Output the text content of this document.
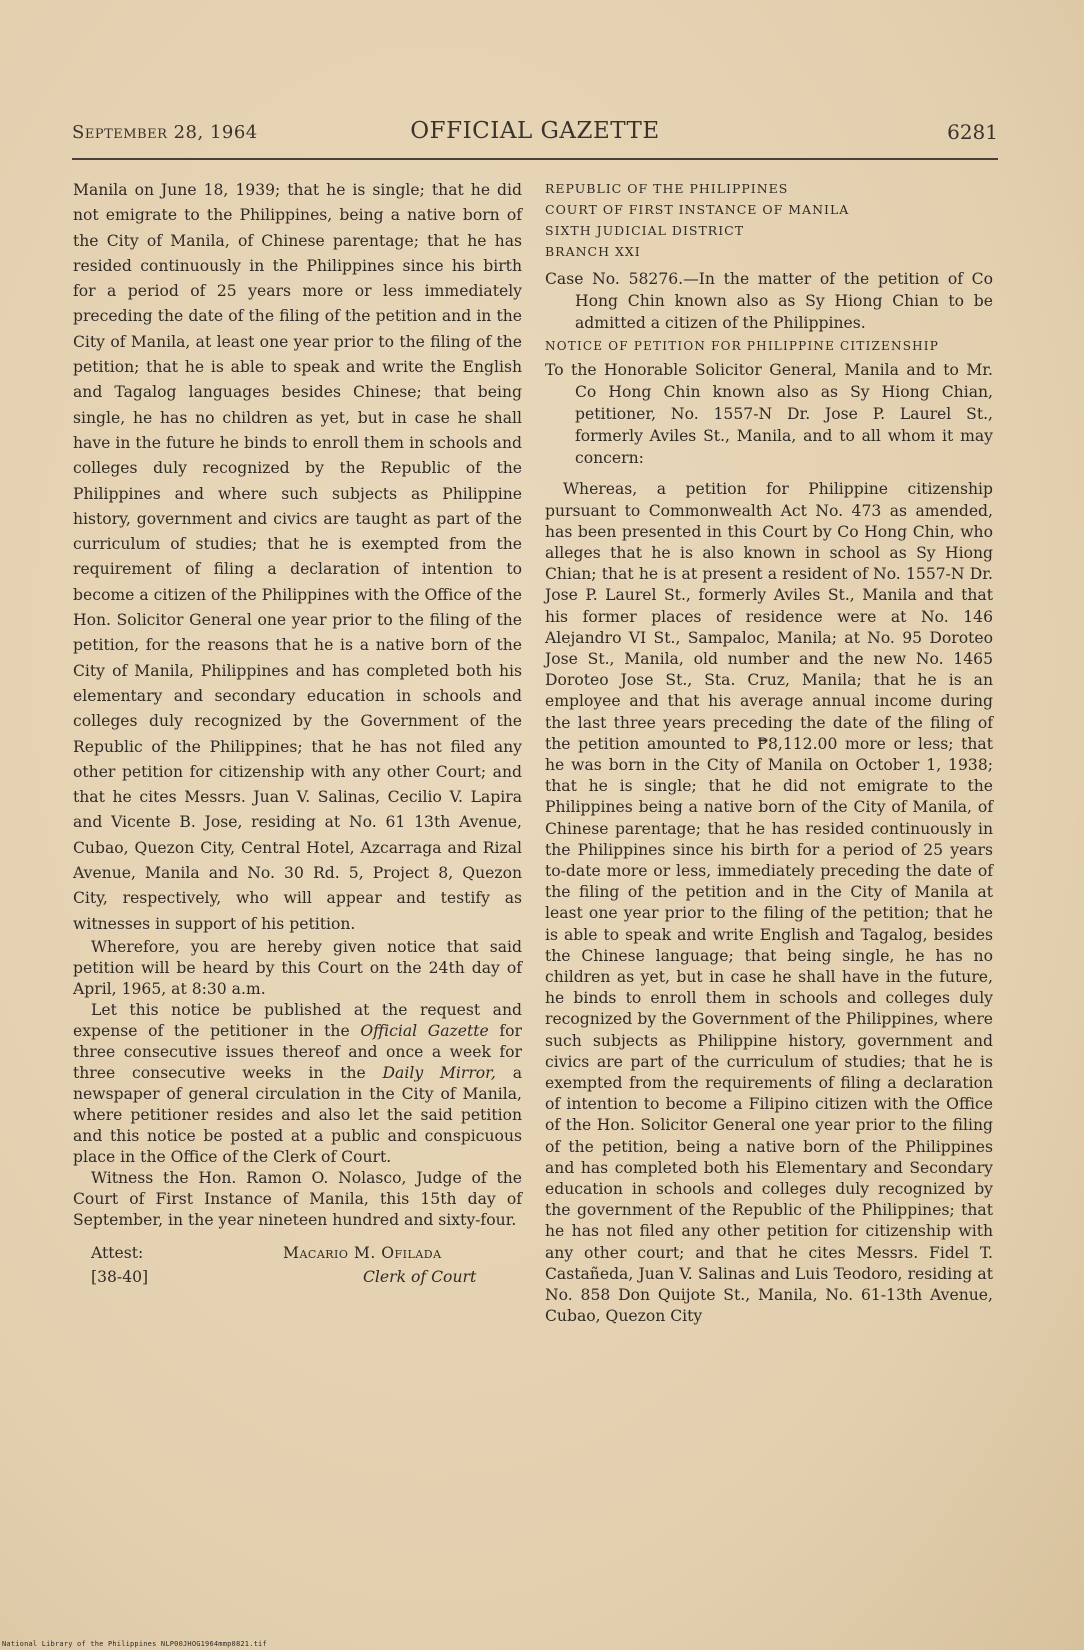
September 28, 1964	OFFICIAL GAZETTE	6281

Manila on June 18, 1939; that he is single; that he did not emigrate to the Philippines, being a native born of the City of Manila, of Chinese parentage; that he has resided continuously in the Philippines since his birth for a period of 25 years more or less immediately preceding the date of the filing of the petition and in the City of Manila, at least one year prior to the filing of the petition; that he is able to speak and write the English and Tagalog languages besides Chinese; that being single, he has no children as yet, but in case he shall have in the future he binds to enroll them in schools and colleges duly recognized by the Republic of the Philippines and where such subjects as Philippine history, government and civics are taught as part of the curriculum of studies; that he is exempted from the requirement of filing a declaration of intention to become a citizen of the Philippines with the Office of the Hon. Solicitor General one year prior to the filing of the petition, for the reasons that he is a native born of the City of Manila, Philippines and has completed both his elementary and secondary education in schools and colleges duly recognized by the Government of the Republic of the Philippines; that he has not filed any other petition for citizenship with any other Court; and that he cites Messrs. Juan V. Salinas, Cecilio V. Lapira and Vicente B. Jose, residing at No. 61 13th Avenue, Cubao, Quezon City, Central Hotel, Azcarraga and Rizal Avenue, Manila and No. 30 Rd. 5, Project 8, Quezon City, respectively, who will appear and testify as witnesses in support of his petition.

Wherefore, you are hereby given notice that said petition will be heard by this Court on the 24th day of April, 1965, at 8:30 a.m.

Let this notice be published at the request and expense of the petitioner in the Official Gazette for three consecutive issues thereof and once a week for three consecutive weeks in the Daily Mirror, a newspaper of general circulation in the City of Manila, where petitioner resides and also let the said petition and this notice be posted at a public and conspicuous place in the Office of the Clerk of Court.

Witness the Hon. Ramon O. Nolasco, Judge of the Court of First Instance of Manila, this 15th day of September, in the year nineteen hundred and sixty-four.

Attest:
[38-40]
Macario M. Ofilada
Clerk of Court

REPUBLIC OF THE PHILIPPINES

COURT OF FIRST INSTANCE OF MANILA

SIXTH JUDICIAL DISTRICT

BRANCH XXI

Case No. 58276.—In the matter of the petition of Co Hong Chin known also as Sy Hiong Chian to be admitted a citizen of the Philippines.

NOTICE OF PETITION FOR PHILIPPINE CITIZENSHIP

To the Honorable Solicitor General, Manila and to Mr. Co Hong Chin known also as Sy Hiong Chian, petitioner, No. 1557-N Dr. Jose P. Laurel St., formerly Aviles St., Manila, and to all whom it may concern:

Whereas, a petition for Philippine citizenship pursuant to Commonwealth Act No. 473 as amended, has been presented in this Court by Co Hong Chin, who alleges that he is also known in school as Sy Hiong Chian; that he is at present a resident of No. 1557-N Dr. Jose P. Laurel St., formerly Aviles St., Manila and that his former places of residence were at No. 146 Alejandro VI St., Sampaloc, Manila; at No. 95 Doroteo Jose St., Manila, old number and the new No. 1465 Doroteo Jose St., Sta. Cruz, Manila; that he is an employee and that his average annual income during the last three years preceding the date of the filing of the petition amounted to ₱8,112.00 more or less; that he was born in the City of Manila on October 1, 1938; that he is single; that he did not emigrate to the Philippines being a native born of the City of Manila, of Chinese parentage; that he has resided continuously in the Philippines since his birth for a period of 25 years to-date more or less, immediately preceding the date of the filing of the petition and in the City of Manila at least one year prior to the filing of the petition; that he is able to speak and write English and Tagalog, besides the Chinese language; that being single, he has no children as yet, but in case he shall have in the future, he binds to enroll them in schools and colleges duly recognized by the Government of the Philippines, where such subjects as Philippine history, government and civics are part of the curriculum of studies; that he is exempted from the requirements of filing a declaration of intention to become a Filipino citizen with the Office of the Hon. Solicitor General one year prior to the filing of the petition, being a native born of the Philippines and has completed both his Elementary and Secondary education in schools and colleges duly recognized by the government of the Republic of the Philippines; that he has not filed any other petition for citizenship with any other court; and that he cites Messrs. Fidel T. Castañeda, Juan V. Salinas and Luis Teodoro, residing at No. 858 Don Quijote St., Manila, No. 61-13th Avenue, Cubao, Quezon City

National Library of the Philippines NLP00JHOG1964mmp0821.tif
